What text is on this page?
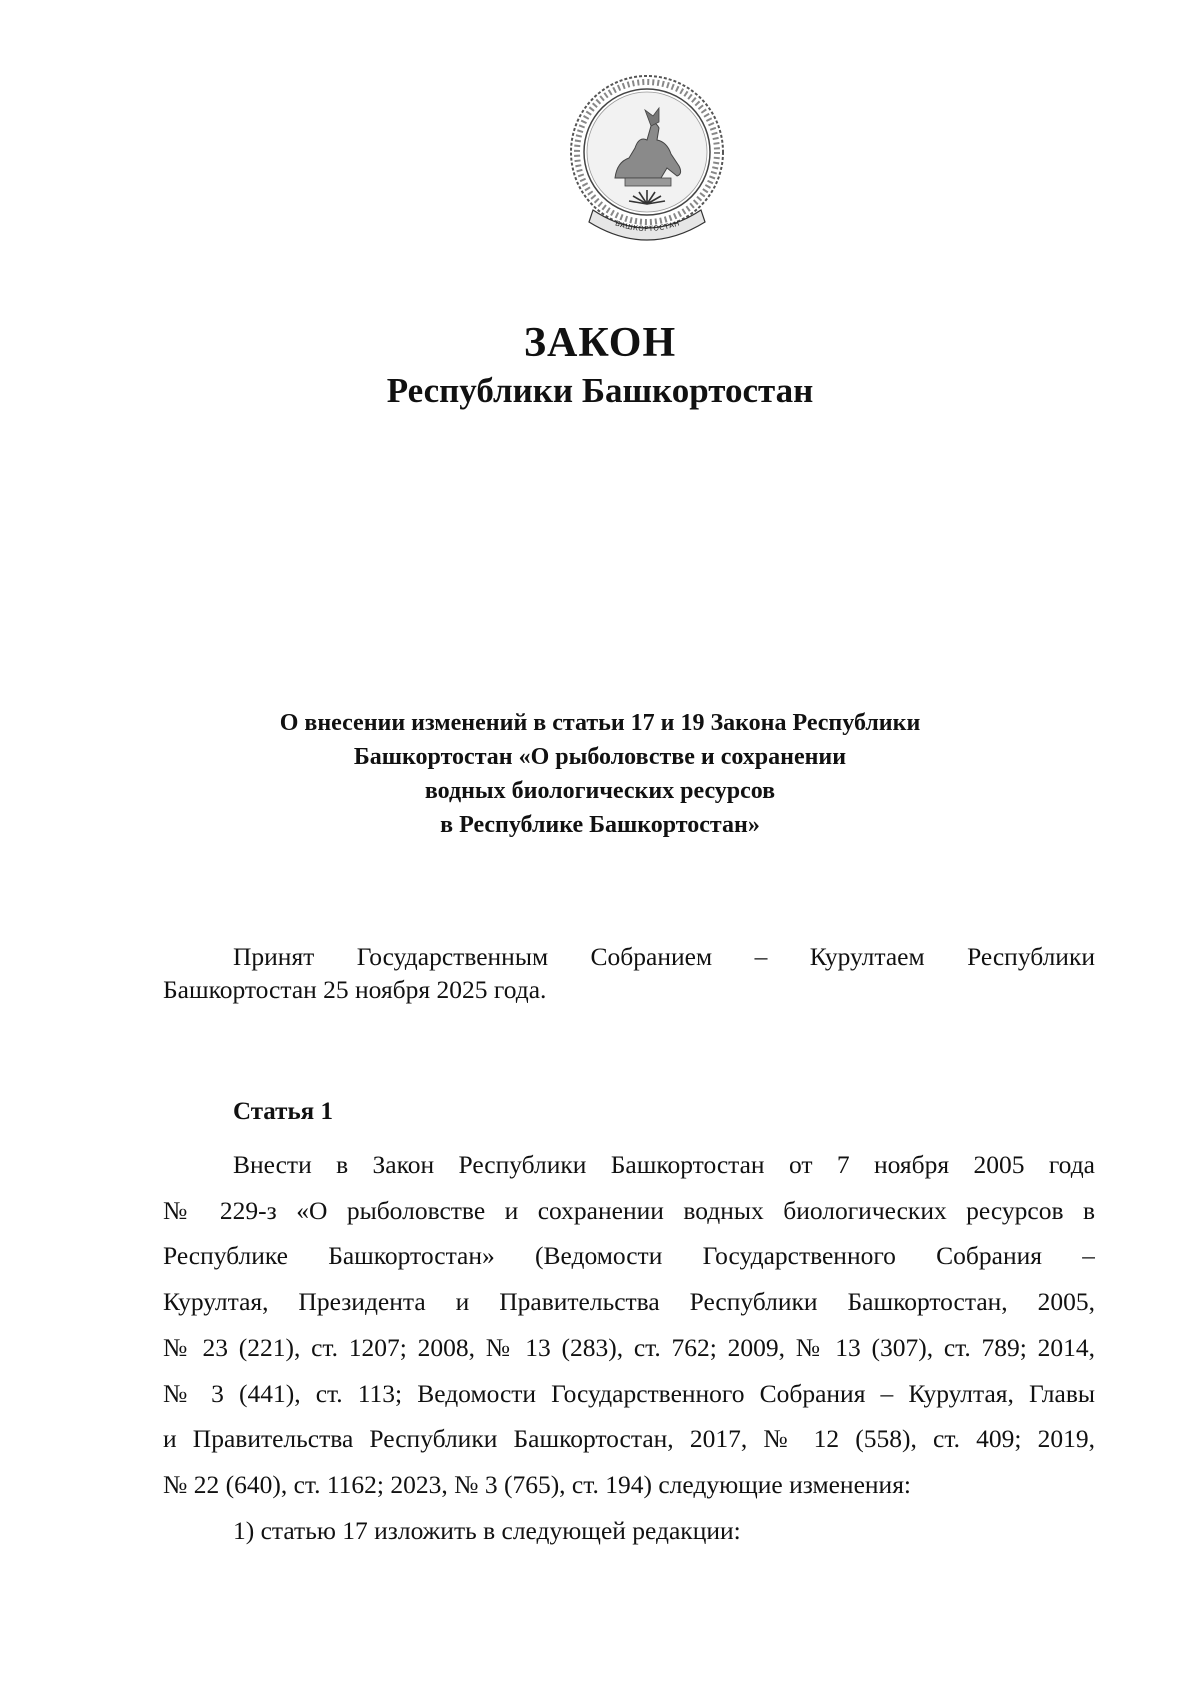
БАШКОРТОСТАН
ЗАКОН
Республики Башкортостан
О внесении изменений в статьи 17 и 19 Закона Республики
Башкортостан «О рыболовстве и сохранении
водных биологических ресурсов
в Республике Башкортостан»
Принят Государственным Собранием – Курултаем Республики
Башкортостан 25 ноября 2025 года.
Статья 1
Внести в Закон Республики Башкортостан от 7 ноября 2005 года
№ 229-з «О рыболовстве и сохранении водных биологических ресурсов в
Республике Башкортостан» (Ведомости Государственного Собрания –
Курултая, Президента и Правительства Республики Башкортостан, 2005,
№ 23 (221), ст. 1207; 2008, № 13 (283), ст. 762; 2009, № 13 (307), ст. 789; 2014,
№ 3 (441), ст. 113; Ведомости Государственного Собрания – Курултая, Главы
и Правительства Республики Башкортостан, 2017, № 12 (558), ст. 409; 2019,
№ 22 (640), ст. 1162; 2023, № 3 (765), ст. 194) следующие изменения:
1) статью 17 изложить в следующей редакции:
